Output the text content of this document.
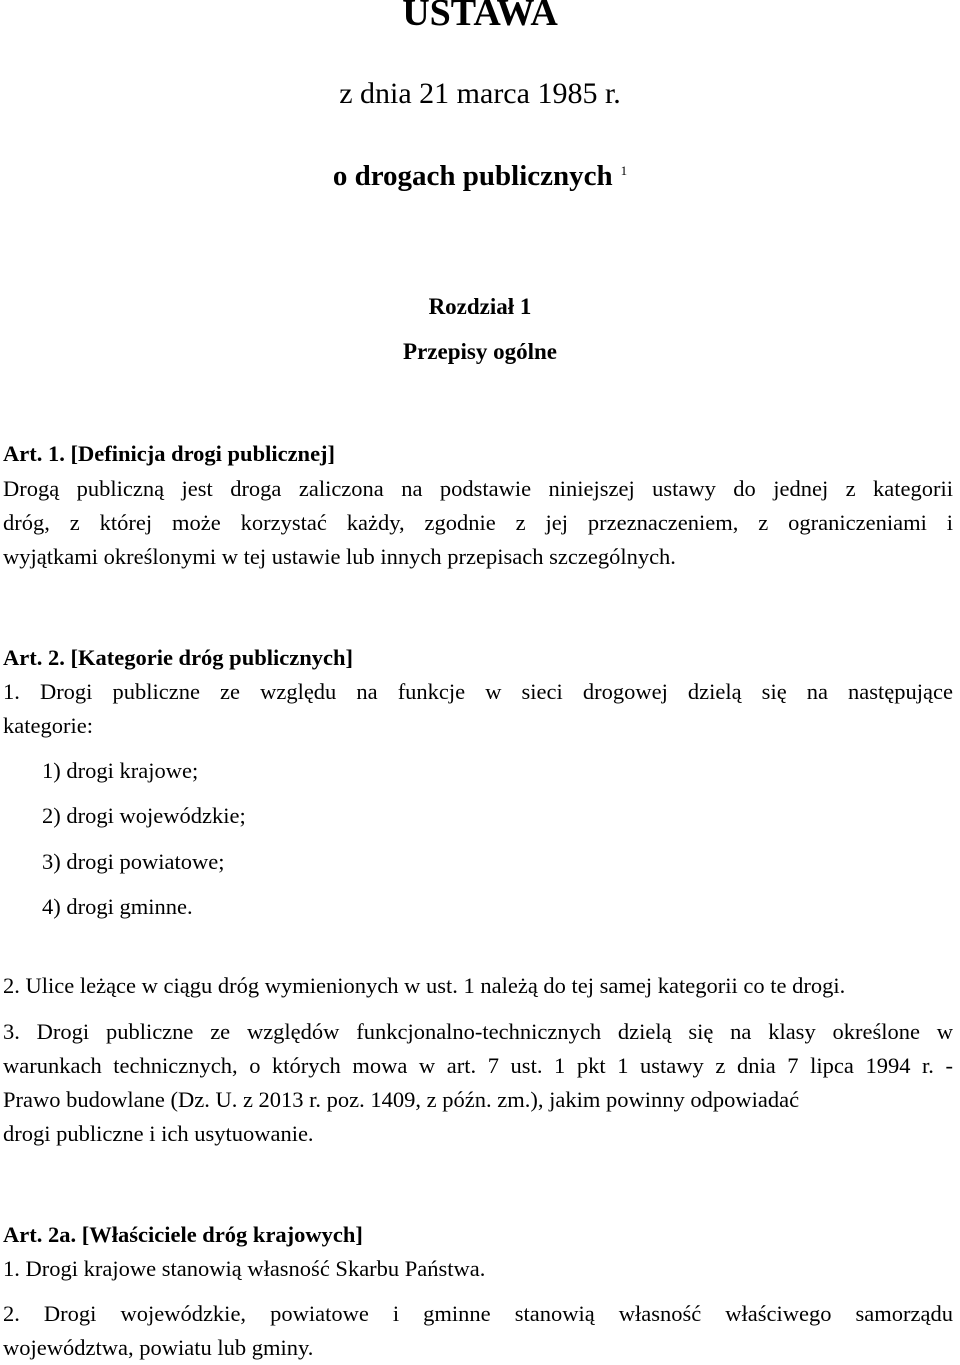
USTAWA
z dnia 21 marca 1985 r.
o drogach publicznych $^1$
Rozdział 1
Przepisy ogólne
Art. 1. [Definicja drogi publicznej]
Drogą publiczną jest droga zaliczona na podstawie niniejszej ustawy do jednej z kategorii
dróg, z której może korzystać każdy, zgodnie z jej przeznaczeniem, z ograniczeniami i
wyjątkami określonymi w tej ustawie lub innych przepisach szczególnych.
Art. 2. [Kategorie dróg publicznych]
1. Drogi publiczne ze względu na funkcje w sieci drogowej dzielą się na następujące
kategorie:
1) drogi krajowe;
2) drogi wojewódzkie;
3) drogi powiatowe;
4) drogi gminne.
2. Ulice leżące w ciągu dróg wymienionych w ust. 1 należą do tej samej kategorii co te drogi.
3. Drogi publiczne ze względów funkcjonalno-technicznych dzielą się na klasy określone w
warunkach technicznych, o których mowa w art. 7 ust. 1 pkt 1 ustawy z dnia 7 lipca 1994 r. -
Prawo budowlane (Dz. U. z 2013 r. poz. 1409, z późn. zm.), jakim powinny odpowiadać
drogi publiczne i ich usytuowanie.
Art. 2a. [Właściciele dróg krajowych]
1. Drogi krajowe stanowią własność Skarbu Państwa.
2. Drogi wojewódzkie, powiatowe i gminne stanowią własność właściwego samorządu
województwa, powiatu lub gminy.
